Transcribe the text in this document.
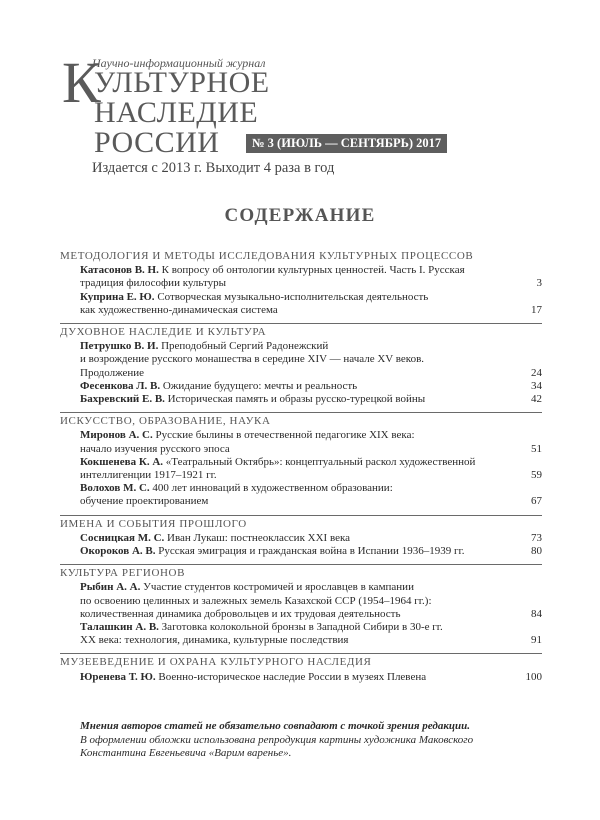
К
Научно-информационный журнал
УЛЬТУРНОЕ
НАСЛЕДИЕ
РОССИИ	№ 3 (ИЮЛЬ — СЕНТЯБРЬ) 2017
Издается с 2013 г. Выходит 4 раза в год
СОДЕРЖАНИЕ
МЕТОДОЛОГИЯ И МЕТОДЫ ИССЛЕДОВАНИЯ КУЛЬТУРНЫХ ПРОЦЕССОВ
Катасонов В. Н. К вопросу об онтологии культурных ценностей. Часть I. Русская
традиция философии культуры	3
Куприна Е. Ю. Сотворческая музыкально-исполнительская деятельность
как художественно-динамическая система	17
ДУХОВНОЕ НАСЛЕДИЕ И КУЛЬТУРА
Петрушко В. И. Преподобный Сергий Радонежский
и возрождение русского монашества в середине XIV — начале XV веков.
Продолжение	24
Фесенкова Л. В. Ожидание будущего: мечты и реальность	34
Бахревский Е. В. Историческая память и образы русско-турецкой войны	42
ИСКУССТВО, ОБРАЗОВАНИЕ, НАУКА
Миронов А. С. Русские былины в отечественной педагогике XIX века:
начало изучения русского эпоса	51
Кокшенева К. А. «Театральный Октябрь»: концептуальный раскол художественной
интеллигенции 1917–1921 гг.	59
Волохов М. С. 400 лет инноваций в художественном образовании:
обучение проектированием	67
ИМЕНА И СОБЫТИЯ ПРОШЛОГО
Сосницкая М. С. Иван Лукаш: постнеоклассик XXI века	73
Окороков А. В. Русская эмиграция и гражданская война в Испании 1936–1939 гг.	80
КУЛЬТУРА РЕГИОНОВ
Рыбин А. А. Участие студентов костромичей и ярославцев в кампании
по освоению целинных и залежных земель Казахской ССР (1954–1964 гг.):
количественная динамика добровольцев и их трудовая деятельность	84
Талашкин А. В. Заготовка колокольной бронзы в Западной Сибири в 30-е гг.
XX века: технология, динамика, культурные последствия	91
МУЗЕЕВЕДЕНИЕ И ОХРАНА КУЛЬТУРНОГО НАСЛЕДИЯ
Юренева Т. Ю. Военно-историческое наследие России в музеях Плевена	100
Мнения авторов статей не обязательно совпадают с точкой зрения редакции.
В оформлении обложки использована репродукция картины художника Маковского
Константина Евгеньевича «Варим варенье».
